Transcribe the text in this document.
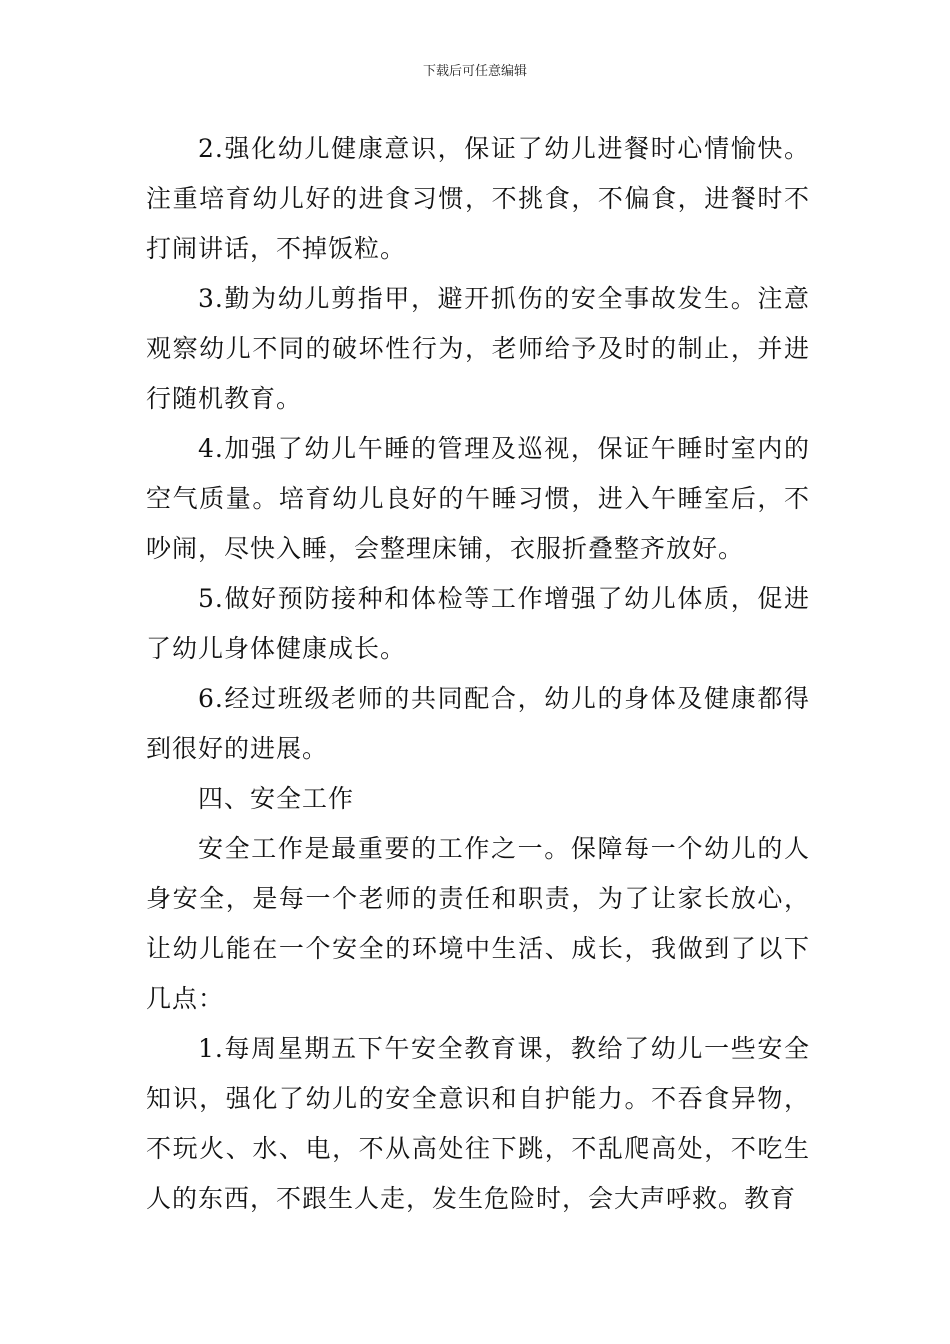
下载后可任意编辑

2.强化幼儿健康意识，保证了幼儿进餐时心情愉快。注重培育幼儿好的进食习惯，不挑食，不偏食，进餐时不打闹讲话，不掉饭粒。

3.勤为幼儿剪指甲，避开抓伤的安全事故发生。注意观察幼儿不同的破坏性行为，老师给予及时的制止，并进行随机教育。

4.加强了幼儿午睡的管理及巡视，保证午睡时室内的空气质量。培育幼儿良好的午睡习惯，进入午睡室后，不吵闹，尽快入睡，会整理床铺，衣服折叠整齐放好。

5.做好预防接种和体检等工作增强了幼儿体质，促进了幼儿身体健康成长。

6.经过班级老师的共同配合，幼儿的身体及健康都得到很好的进展。

四、安全工作

安全工作是最重要的工作之一。保障每一个幼儿的人身安全，是每一个老师的责任和职责，为了让家长放心，让幼儿能在一个安全的环境中生活、成长，我做到了以下几点：

1.每周星期五下午安全教育课，教给了幼儿一些安全知识，强化了幼儿的安全意识和自护能力。不吞食异物，不玩火、水、电，不从高处往下跳，不乱爬高处，不吃生人的东西，不跟生人走，发生危险时，会大声呼救。教育
